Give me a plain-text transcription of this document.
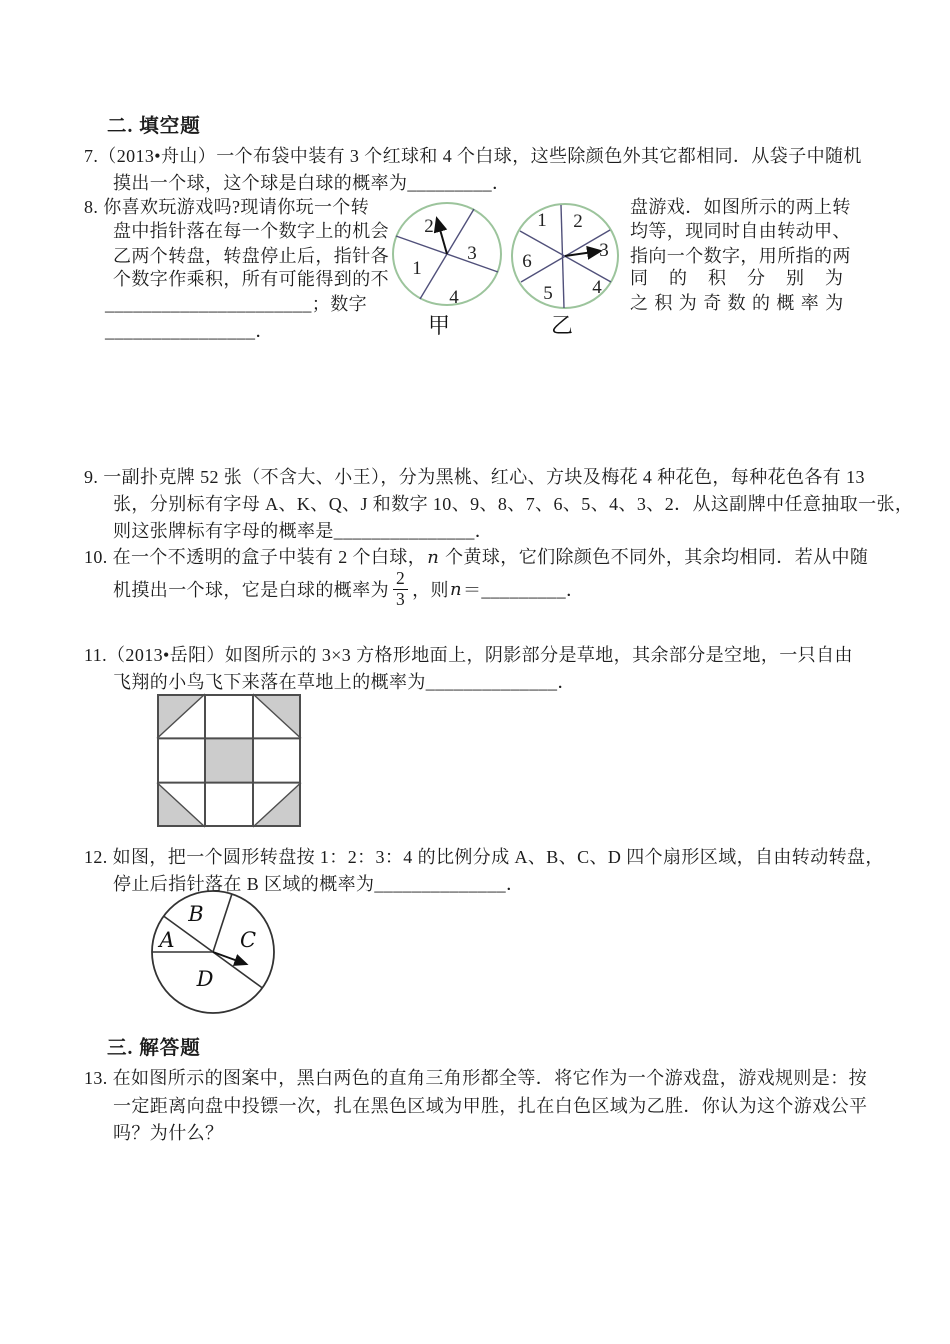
二. 填空题
7.（2013•舟山）一个布袋中装有 3 个红球和 4 个白球，这些除颜色外其它都相同．从袋子中随机
摸出一个球，这个球是白球的概率为_________．
8. 你喜欢玩游戏吗?现请你玩一个转
盘中指针落在每一个数字上的机会
乙两个转盘，转盘停止后，指针各
个数字作乘积，所有可能得到的不
______________________；数字
________________．
盘游戏．如图所示的两上转
均等，现同时自由转动甲、
指向一个数字，用所指的两
同的积分别为
之积为奇数的概率为
1
2
3
4
甲
1 2
3
4
5
6
乙
9. 一副扑克牌 52 张（不含大、小王），分为黑桃、红心、方块及梅花 4 种花色，每种花色各有 13
张，分别标有字母 A、K、Q、J 和数字 10、9、8、7、6、5、4、3、2．从这副牌中任意抽取一张，
则这张牌标有字母的概率是_______________．
10. 在一个不透明的盒子中装有 2 个白球，n 个黄球，它们除颜色不同外，其余均相同．若从中随
机摸出一个球，它是白球的概率为 $\frac{2}{3}$ ，则 n ＝_________．
11.（2013•岳阳）如图所示的 3×3 方格形地面上，阴影部分是草地，其余部分是空地，一只自由
飞翔的小鸟飞下来落在草地上的概率为______________．
12. 如图，把一个圆形转盘按 1：2：3：4 的比例分成 A、B、C、D 四个扇形区域，自由转动转盘，
停止后指针落在 B 区域的概率为______________．
A
B
C
D
三. 解答题
13. 在如图所示的图案中，黑白两色的直角三角形都全等．将它作为一个游戏盘，游戏规则是：按
一定距离向盘中投镖一次，扎在黑色区域为甲胜，扎在白色区域为乙胜．你认为这个游戏公平
吗？为什么？
